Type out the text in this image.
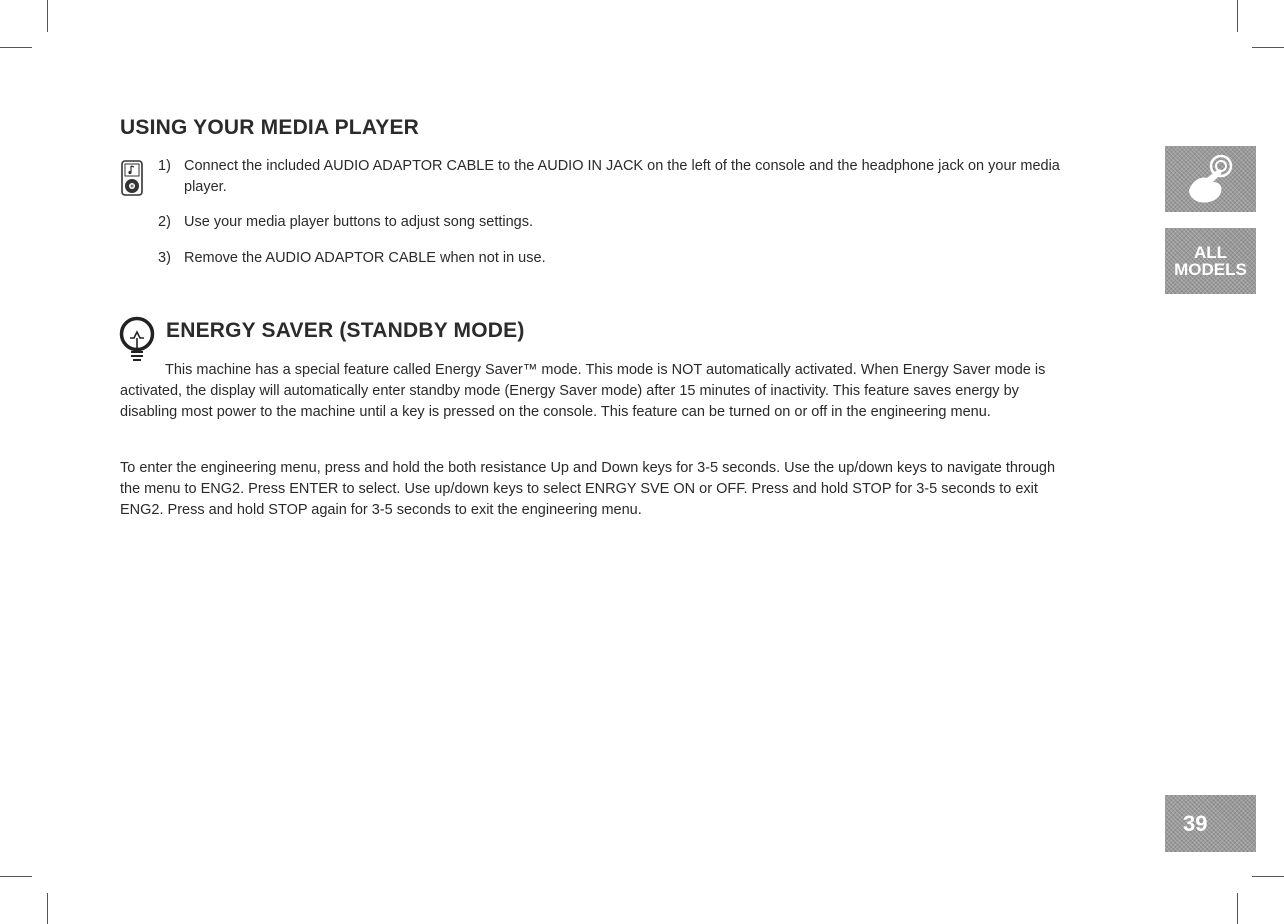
USING YOUR MEDIA PLAYER
1) Connect the included AUDIO ADAPTOR CABLE to the AUDIO IN JACK on the left of the console and the headphone jack on your media player.
2) Use your media player buttons to adjust song settings.
3) Remove the AUDIO ADAPTOR CABLE when not in use.
ENERGY SAVER (STANDBY MODE)

This machine has a special feature called Energy Saver™ mode. This mode is NOT automatically activated. When Energy Saver mode is activated, the display will automatically enter standby mode (Energy Saver mode) after 15 minutes of inactivity. This feature saves energy by disabling most power to the machine until a key is pressed on the console. This feature can be turned on or off in the engineering menu.

To enter the engineering menu, press and hold the both resistance Up and Down keys for 3-5 seconds. Use the up/down keys to navigate through the menu to ENG2. Press ENTER to select. Use up/down keys to select ENRGY SVE ON or OFF. Press and hold STOP for 3-5 seconds to exit ENG2. Press and hold STOP again for 3-5 seconds to exit the engineering menu.

ALL
MODELS
39
